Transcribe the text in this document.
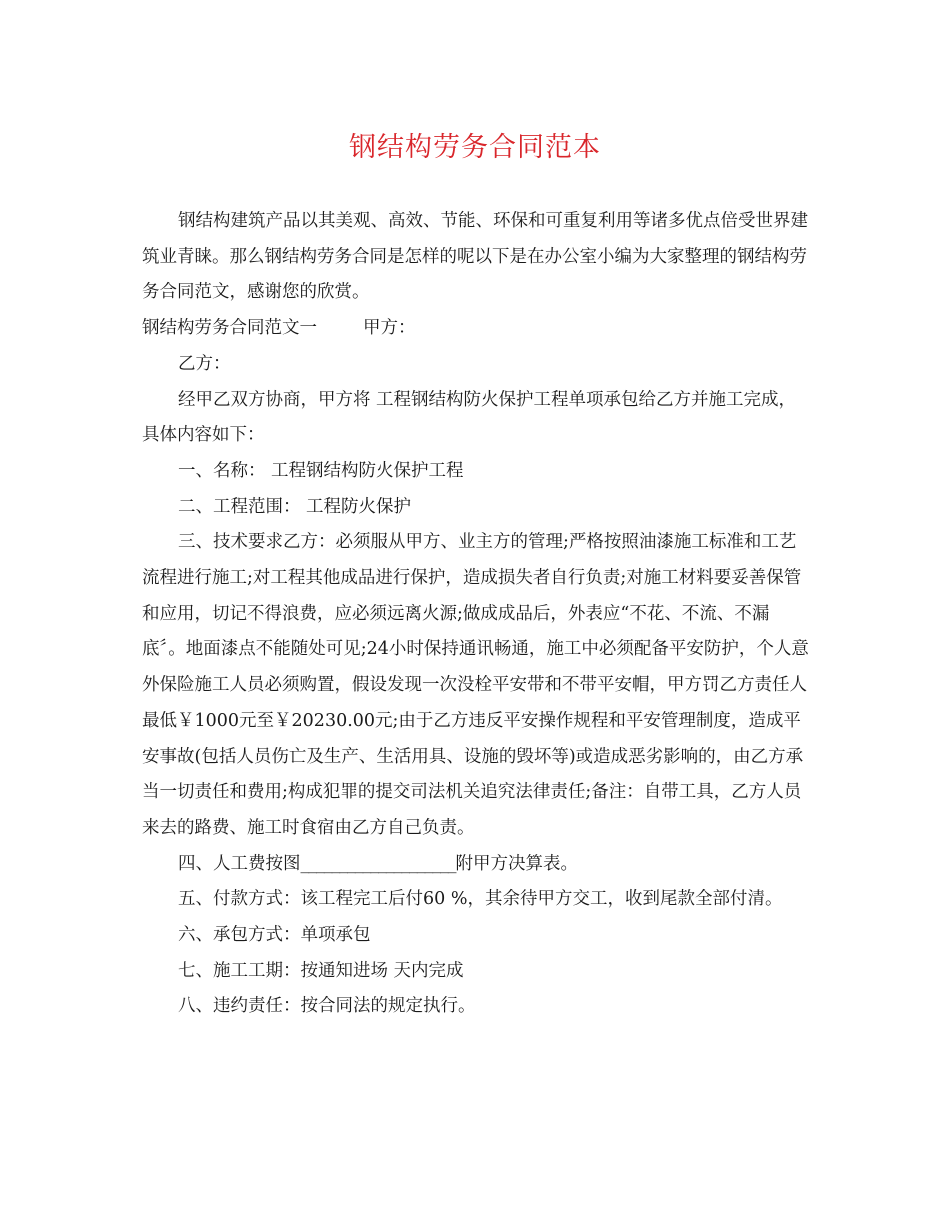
钢结构劳务合同范本

钢结构建筑产品以其美观、高效、节能、环保和可重复利用等诸多优点倍受世界建筑业青睐。那么钢结构劳务合同是怎样的呢以下是在办公室小编为大家整理的钢结构劳务合同范文，感谢您的欣赏。

钢结构劳务合同范文一	甲方：

乙方：

经甲乙双方协商，甲方将 工程钢结构防火保护工程单项承包给乙方并施工完成，具体内容如下：

一、名称： 工程钢结构防火保护工程

二、工程范围： 工程防火保护

三、技术要求乙方：必须服从甲方、业主方的管理;严格按照油漆施工标准和工艺流程进行施工;对工程其他成品进行保护，造成损失者自行负责;对施工材料要妥善保管和应用，切记不得浪费，应必须远离火源;做成成品后，外表应“不花、不流、不漏底〞。地面漆点不能随处可见;24小时保持通讯畅通，施工中必须配备平安防护，个人意外保险施工人员必须购置，假设发现一次没栓平安带和不带平安帽，甲方罚乙方责任人最低￥1000元至￥20230.00元;由于乙方违反平安操作规程和平安管理制度，造成平安事故(包括人员伤亡及生产、生活用具、设施的毁坏等)或造成恶劣影响的，由乙方承当一切责任和费用;构成犯罪的提交司法机关追究法律责任;备注：自带工具，乙方人员来去的路费、施工时食宿由乙方自己负责。

四、人工费按图____________________附甲方决算表。

五、付款方式：该工程完工后付60 %，其余待甲方交工，收到尾款全部付清。

六、承包方式：单项承包

七、施工工期：按通知进场 天内完成

八、违约责任：按合同法的规定执行。
